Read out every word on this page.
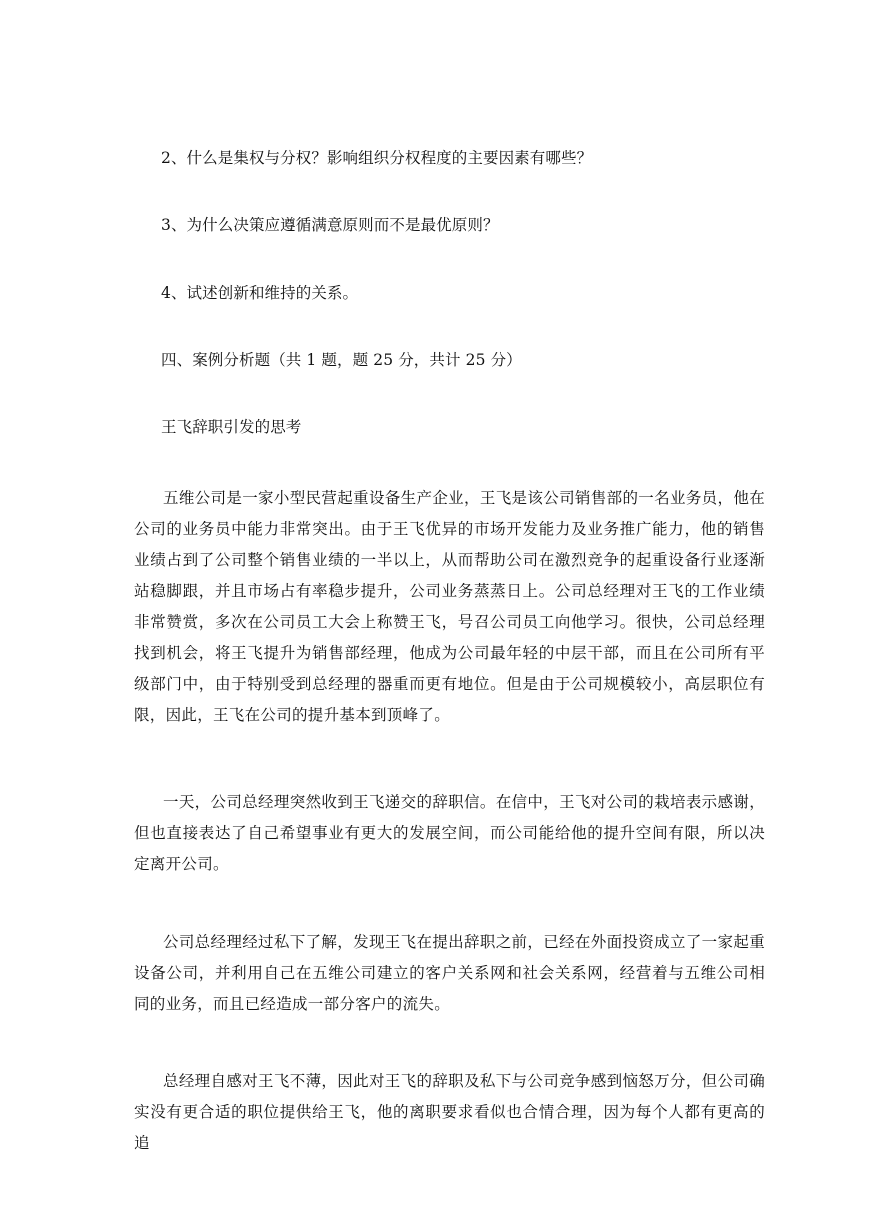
2、什么是集权与分权？影响组织分权程度的主要因素有哪些？
3、为什么决策应遵循满意原则而不是最优原则？
4、试述创新和维持的关系。
四、案例分析题（共 1 题，题 25 分，共计 25 分）
王飞辞职引发的思考
五维公司是一家小型民营起重设备生产企业，王飞是该公司销售部的一名业务员，他在公司的业务员中能力非常突出。由于王飞优异的市场开发能力及业务推广能力，他的销售业绩占到了公司整个销售业绩的一半以上，从而帮助公司在激烈竞争的起重设备行业逐渐站稳脚跟，并且市场占有率稳步提升，公司业务蒸蒸日上。公司总经理对王飞的工作业绩非常赞赏，多次在公司员工大会上称赞王飞，号召公司员工向他学习。很快，公司总经理找到机会，将王飞提升为销售部经理，他成为公司最年轻的中层干部，而且在公司所有平级部门中，由于特别受到总经理的器重而更有地位。但是由于公司规模较小，高层职位有限，因此，王飞在公司的提升基本到顶峰了。
一天，公司总经理突然收到王飞递交的辞职信。在信中，王飞对公司的栽培表示感谢，但也直接表达了自己希望事业有更大的发展空间，而公司能给他的提升空间有限，所以决定离开公司。
公司总经理经过私下了解，发现王飞在提出辞职之前，已经在外面投资成立了一家起重设备公司，并利用自己在五维公司建立的客户关系网和社会关系网，经营着与五维公司相同的业务，而且已经造成一部分客户的流失。
总经理自感对王飞不薄，因此对王飞的辞职及私下与公司竞争感到恼怒万分，但公司确实没有更合适的职位提供给王飞，他的离职要求看似也合情合理，因为每个人都有更高的追
